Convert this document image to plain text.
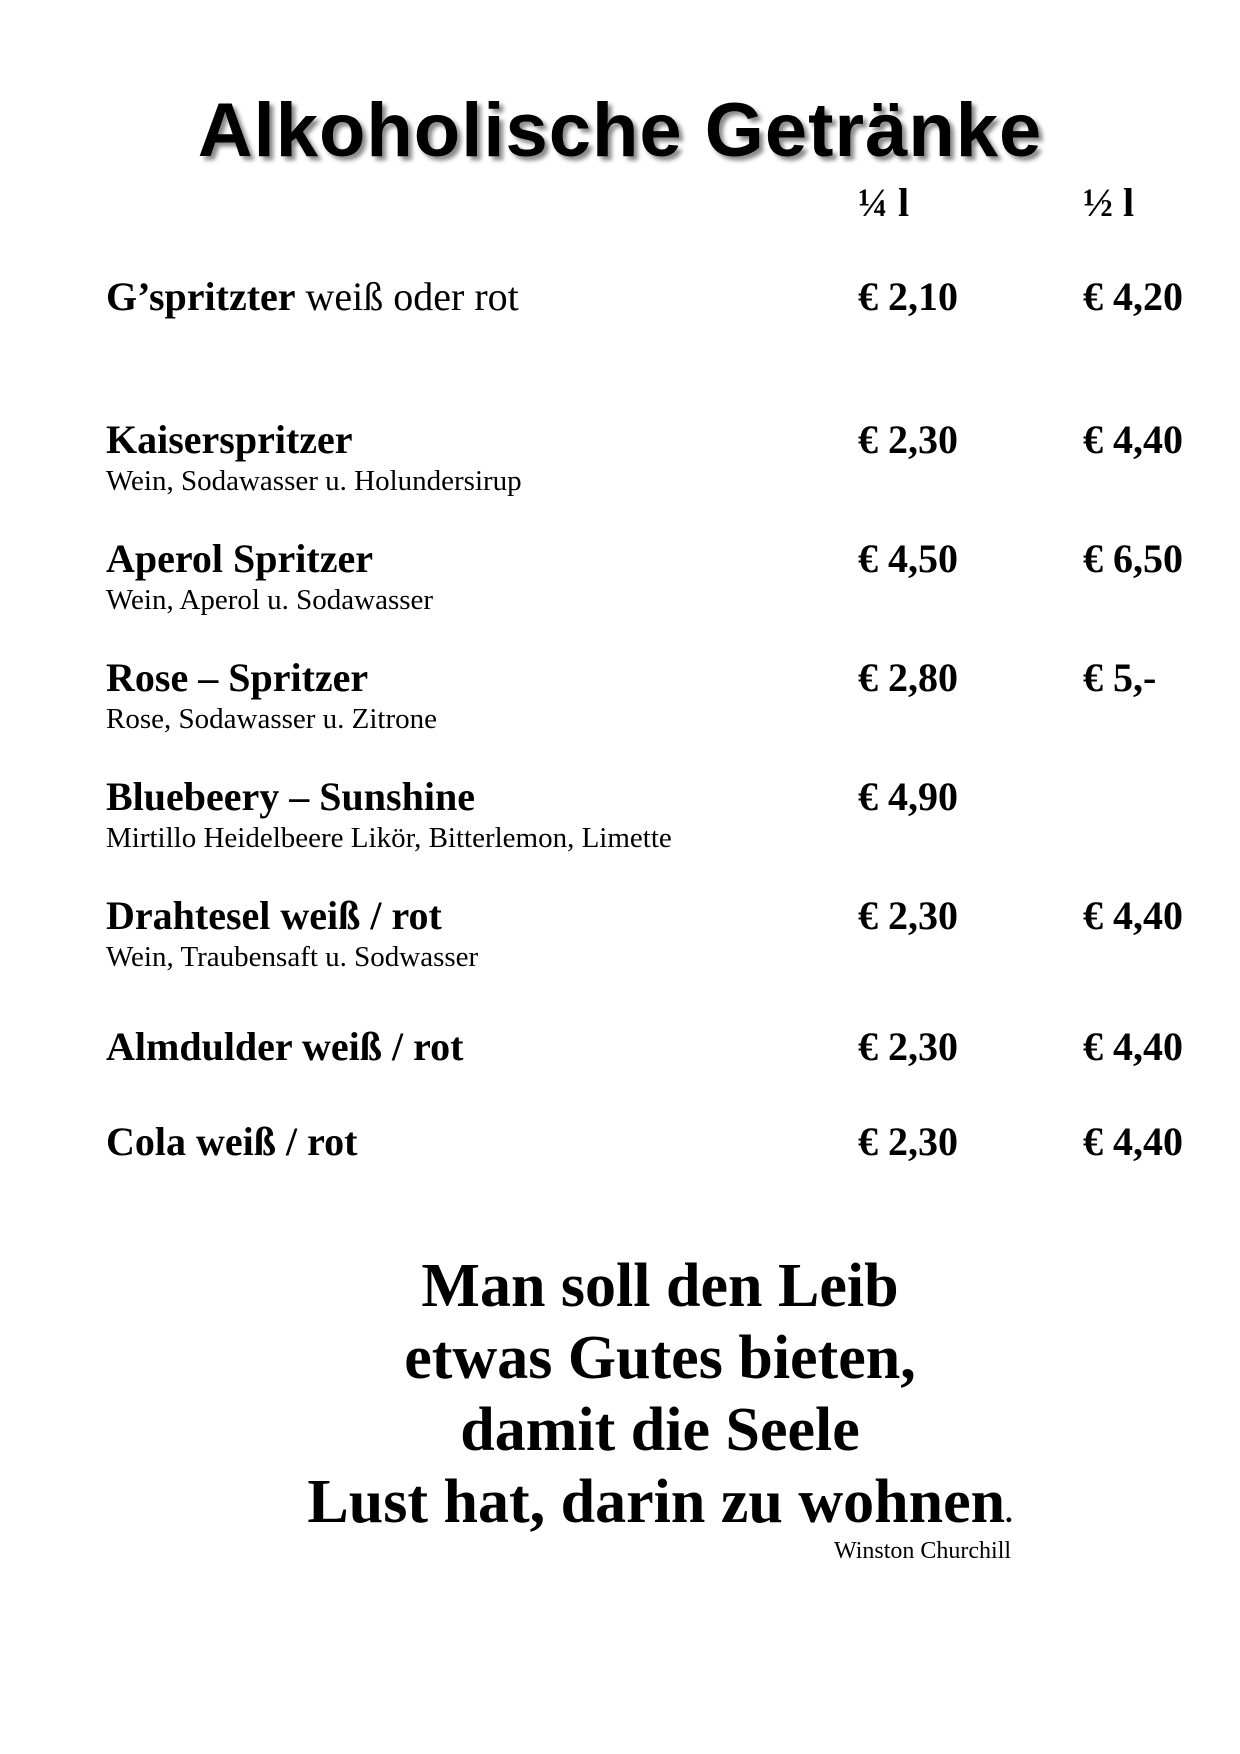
Alkoholische Getränke
¼ l	½ l
G’spritzter weiß oder rot	€ 2,10	€ 4,20
Kaiserspritzer
Wein, Sodawasser u. Holundersirup
€ 2,30	€ 4,40
Aperol Spritzer
Wein, Aperol u. Sodawasser
€ 4,50	€ 6,50
Rose – Spritzer
Rose, Sodawasser u. Zitrone
€ 2,80	€ 5,-
Bluebeery – Sunshine
Mirtillo Heidelbeere Likör, Bitterlemon, Limette
€ 4,90
Drahtesel weiß / rot
Wein, Traubensaft u. Sodwasser
€ 2,30	€ 4,40
Almdulder weiß / rot	€ 2,30	€ 4,40
Cola weiß / rot	€ 2,30	€ 4,40
Man soll den Leib
etwas Gutes bieten,
damit die Seele
Lust hat, darin zu wohnen.
Winston Churchill
